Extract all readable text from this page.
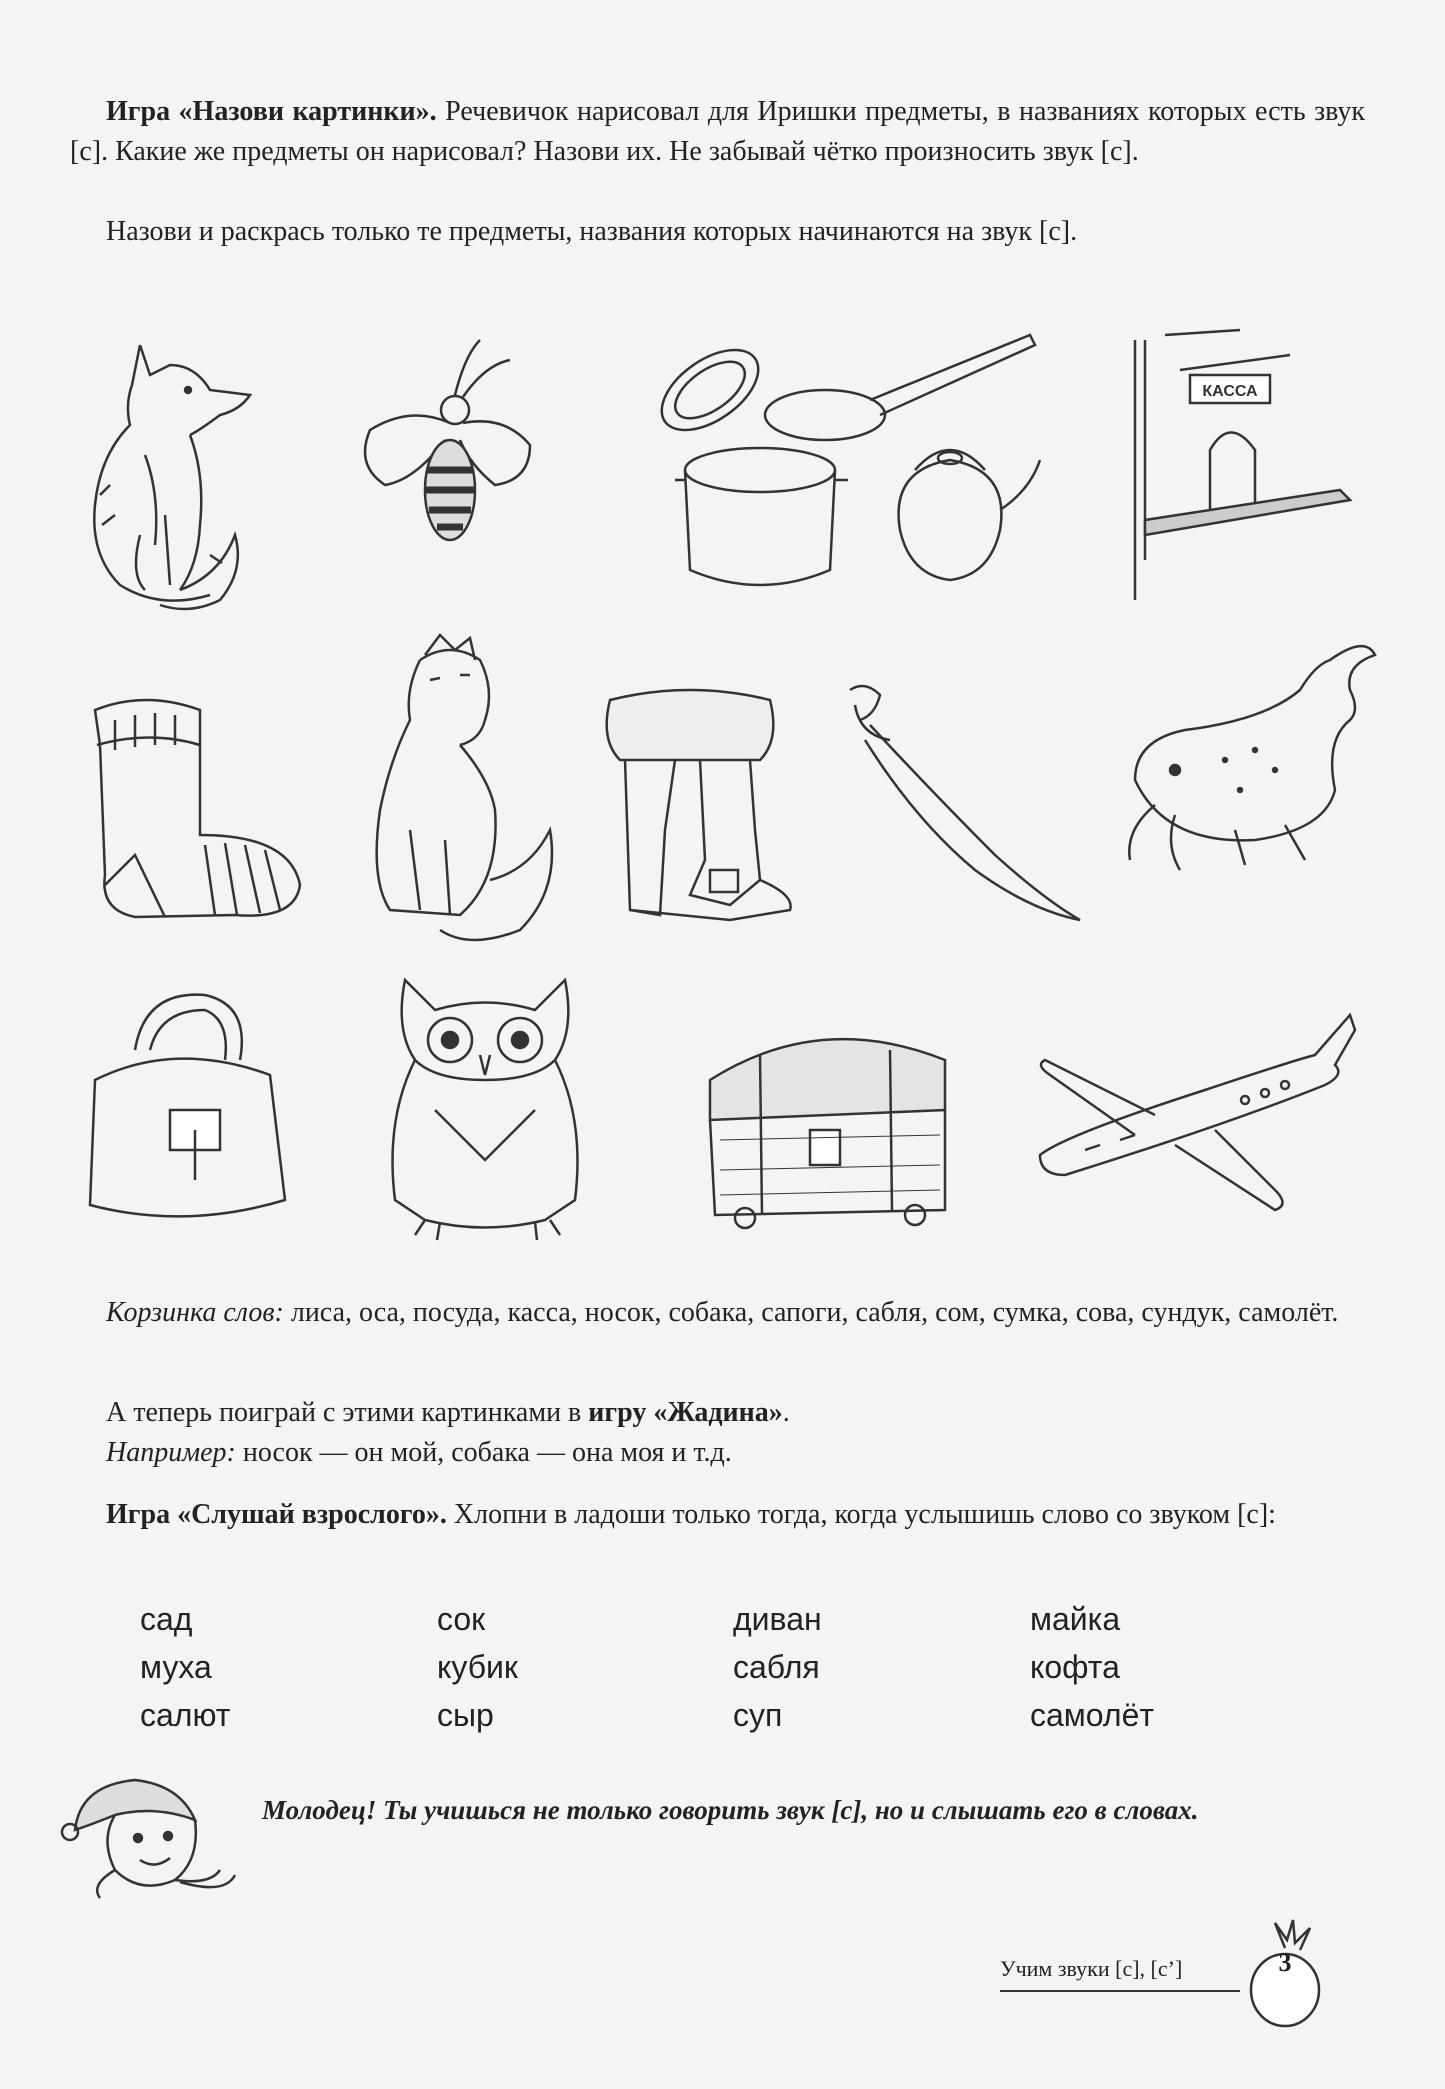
Игра «Назови картинки». Речевичок нарисовал для Иришки предметы, в названиях которых есть звук [с]. Какие же предметы он нарисовал? Назови их. Не забывай чётко произносить звук [с].

Назови и раскрась только те предметы, названия которых начинаются на звук [с].

КАССА

Корзинка слов: лиса, оса, посуда, касса, носок, собака, сапоги, сабля, сом, сумка, сова, сундук, самолёт.

А теперь поиграй с этими картинками в игру «Жадина».

Например: носок — он мой, собака — она моя и т.д.

Игра «Слушай взрослого». Хлопни в ладоши только тогда, когда услышишь слово со звуком [с]:

сад
муха
салют
сок
кубик
сыр
диван
сабля
суп
майка
кофта
самолёт
Молодец! Ты учишься не только говорить звук [с], но и слышать его в словах.
Учим звуки [с], [с’]	3
